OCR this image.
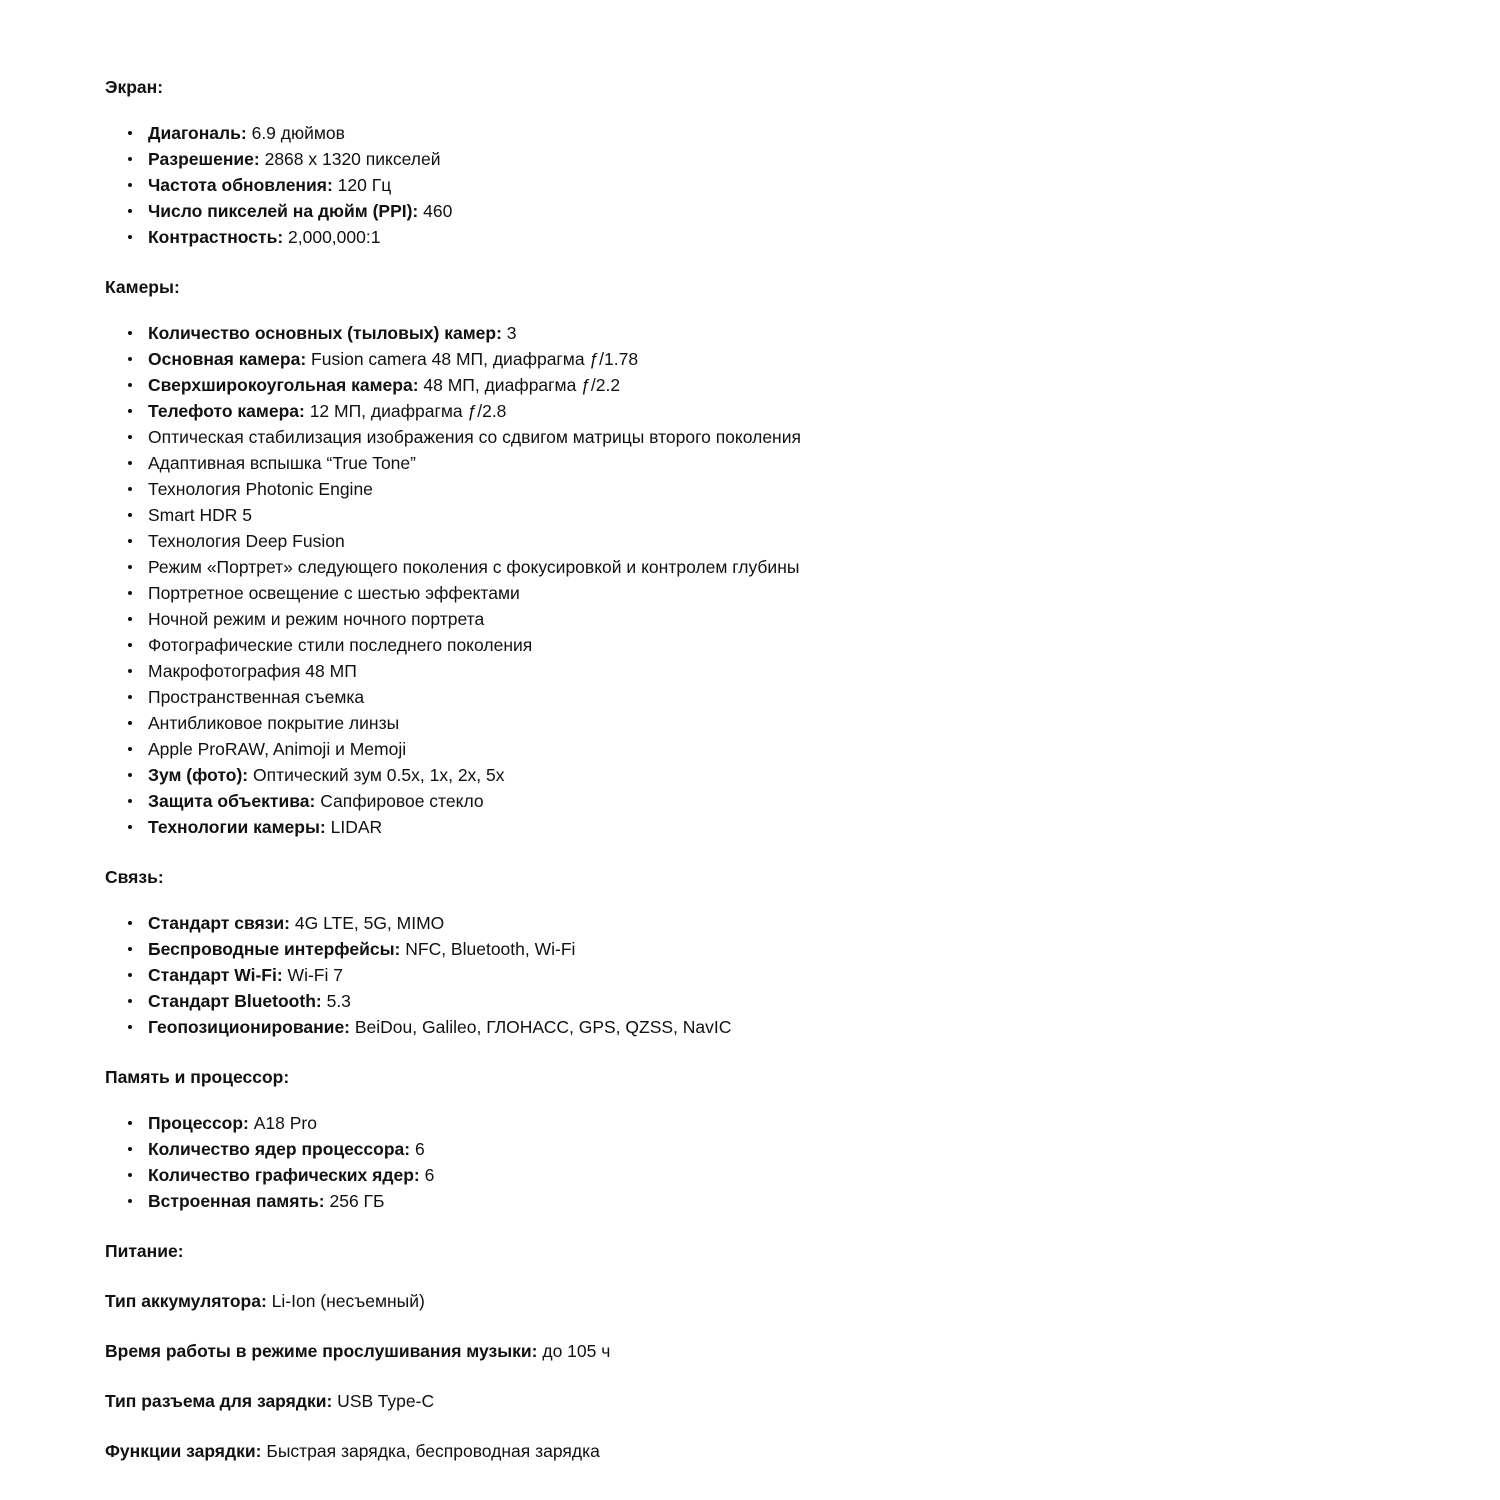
Экран:
Диагональ: 6.9 дюймов
Разрешение: 2868 x 1320 пикселей
Частота обновления: 120 Гц
Число пикселей на дюйм (PPI): 460
Контрастность: 2,000,000:1
Камеры:
Количество основных (тыловых) камер: 3
Основная камера: Fusion camera 48 МП, диафрагма ƒ/1.78
Сверхширокоугольная камера: 48 МП, диафрагма ƒ/2.2
Телефото камера: 12 МП, диафрагма ƒ/2.8
Оптическая стабилизация изображения со сдвигом матрицы второго поколения
Адаптивная вспышка “True Tone”
Технология Photonic Engine
Smart HDR 5
Технология Deep Fusion
Режим «Портрет» следующего поколения с фокусировкой и контролем глубины
Портретное освещение с шестью эффектами
Ночной режим и режим ночного портрета
Фотографические стили последнего поколения
Макрофотография 48 МП
Пространственная съемка
Антибликовое покрытие линзы
Apple ProRAW, Animoji и Memoji
Зум (фото): Оптический зум 0.5x, 1x, 2x, 5x
Защита объектива: Сапфировое стекло
Технологии камеры: LIDAR
Связь:
Стандарт связи: 4G LTE, 5G, MIMO
Беспроводные интерфейсы: NFC, Bluetooth, Wi-Fi
Стандарт Wi-Fi: Wi-Fi 7
Стандарт Bluetooth: 5.3
Геопозиционирование: BeiDou, Galileo, ГЛОНАСС, GPS, QZSS, NavIC
Память и процессор:
Процессор: A18 Pro
Количество ядер процессора: 6
Количество графических ядер: 6
Встроенная память: 256 ГБ
Питание:

Тип аккумулятора: Li-Ion (несъемный)

Время работы в режиме прослушивания музыки: до 105 ч

Тип разъема для зарядки: USB Type-C

Функции зарядки: Быстрая зарядка, беспроводная зарядка
